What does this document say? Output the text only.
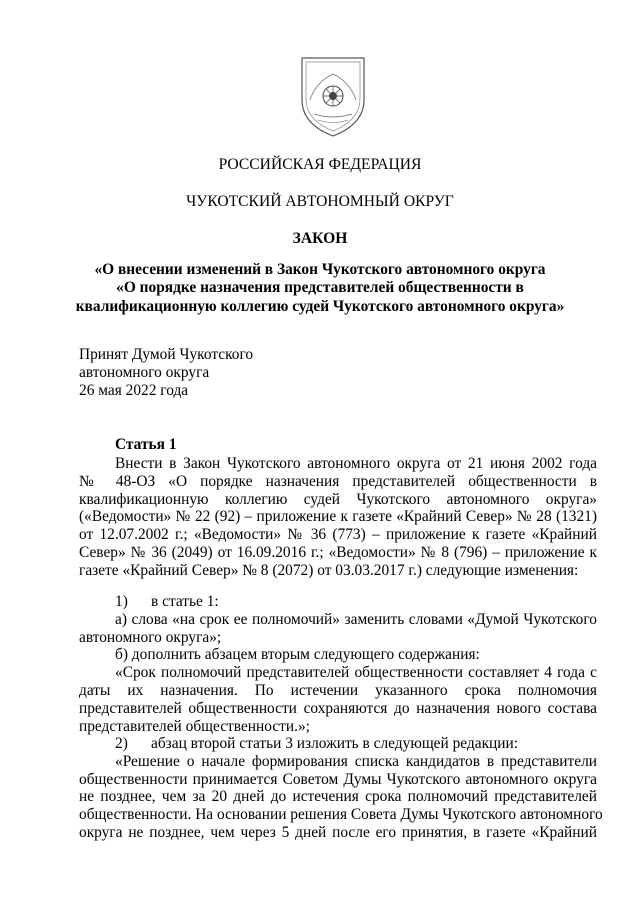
РОССИЙСКАЯ ФЕДЕРАЦИЯ
ЧУКОТСКИЙ АВТОНОМНЫЙ ОКРУГ
ЗАКОН
«О внесении изменений в Закон Чукотского автономного округа
«О порядке назначения представителей общественности в
квалификационную коллегию судей Чукотского автономного округа»
Принят Думой Чукотского
автономного округа
26 мая 2022 года
Статья 1
Внести в Закон Чукотского автономного округа от 21 июня 2002 года
№ 48-ОЗ «О порядке назначения представителей общественности в
квалификационную коллегию судей Чукотского автономного округа»
(«Ведомости» № 22 (92) – приложение к газете «Крайний Север» № 28 (1321)
от 12.07.2002 г.; «Ведомости» № 36 (773) – приложение к газете «Крайний
Север» № 36 (2049) от 16.09.2016 г.; «Ведомости» № 8 (796) – приложение к
газете «Крайний Север» № 8 (2072) от 03.03.2017 г.) следующие изменения:
1)	в статье 1:
а) слова «на срок ее полномочий» заменить словами «Думой Чукотского
автономного округа»;
б) дополнить абзацем вторым следующего содержания:
«Срок полномочий представителей общественности составляет 4 года с
даты их назначения. По истечении указанного срока полномочия
представителей общественности сохраняются до назначения нового состава
представителей общественности.»;
2)	абзац второй статьи 3 изложить в следующей редакции:
«Решение о начале формирования списка кандидатов в представители
общественности принимается Советом Думы Чукотского автономного округа
не позднее, чем за 20 дней до истечения срока полномочий представителей
общественности. На основании решения Совета Думы Чукотского автономного
округа не позднее, чем через 5 дней после его принятия, в газете «Крайний
